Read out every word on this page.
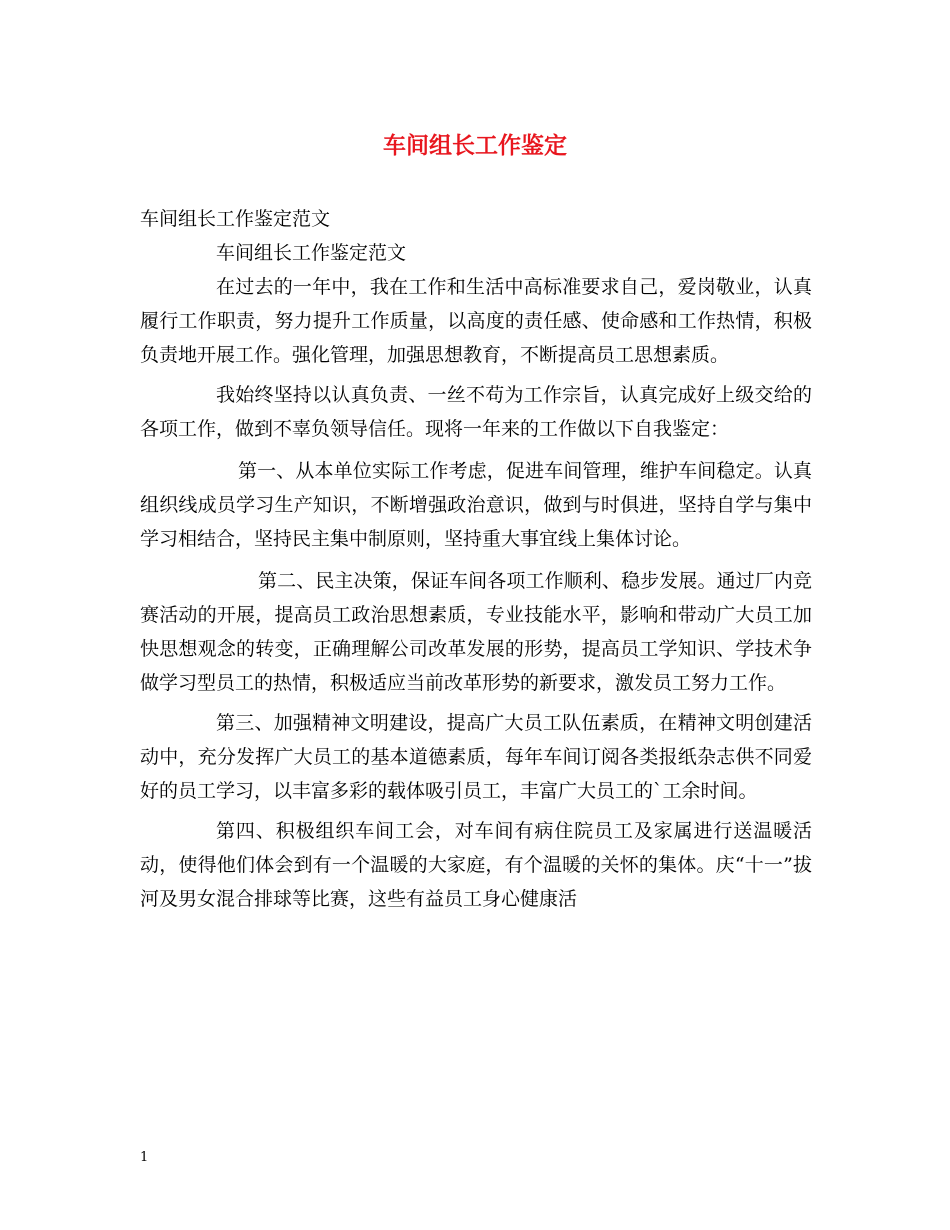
车间组长工作鉴定

车间组长工作鉴定范文

车间组长工作鉴定范文

在过去的一年中，我在工作和生活中高标准要求自己，爱岗敬业，认真履行工作职责，努力提升工作质量，以高度的责任感、使命感和工作热情，积极负责地开展工作。强化管理，加强思想教育，不断提高员工思想素质。

我始终坚持以认真负责、一丝不苟为工作宗旨，认真完成好上级交给的各项工作，做到不辜负领导信任。现将一年来的工作做以下自我鉴定：

第一、从本单位实际工作考虑，促进车间管理，维护车间稳定。认真组织线成员学习生产知识，不断增强政治意识，做到与时俱进，坚持自学与集中学习相结合，坚持民主集中制原则，坚持重大事宜线上集体讨论。

第二、民主决策，保证车间各项工作顺利、稳步发展。通过厂内竞赛活动的开展，提高员工政治思想素质，专业技能水平，影响和带动广大员工加快思想观念的转变，正确理解公司改革发展的形势，提高员工学知识、学技术争做学习型员工的热情，积极适应当前改革形势的新要求，激发员工努力工作。

第三、加强精神文明建设，提高广大员工队伍素质，在精神文明创建活动中，充分发挥广大员工的基本道德素质，每年车间订阅各类报纸杂志供不同爱好的员工学习，以丰富多彩的载体吸引员工，丰富广大员工的`工余时间。

第四、积极组织车间工会，对车间有病住院员工及家属进行送温暖活动，使得他们体会到有一个温暖的大家庭，有个温暖的关怀的集体。庆“十一”拔河及男女混合排球等比赛，这些有益员工身心健康活

1
